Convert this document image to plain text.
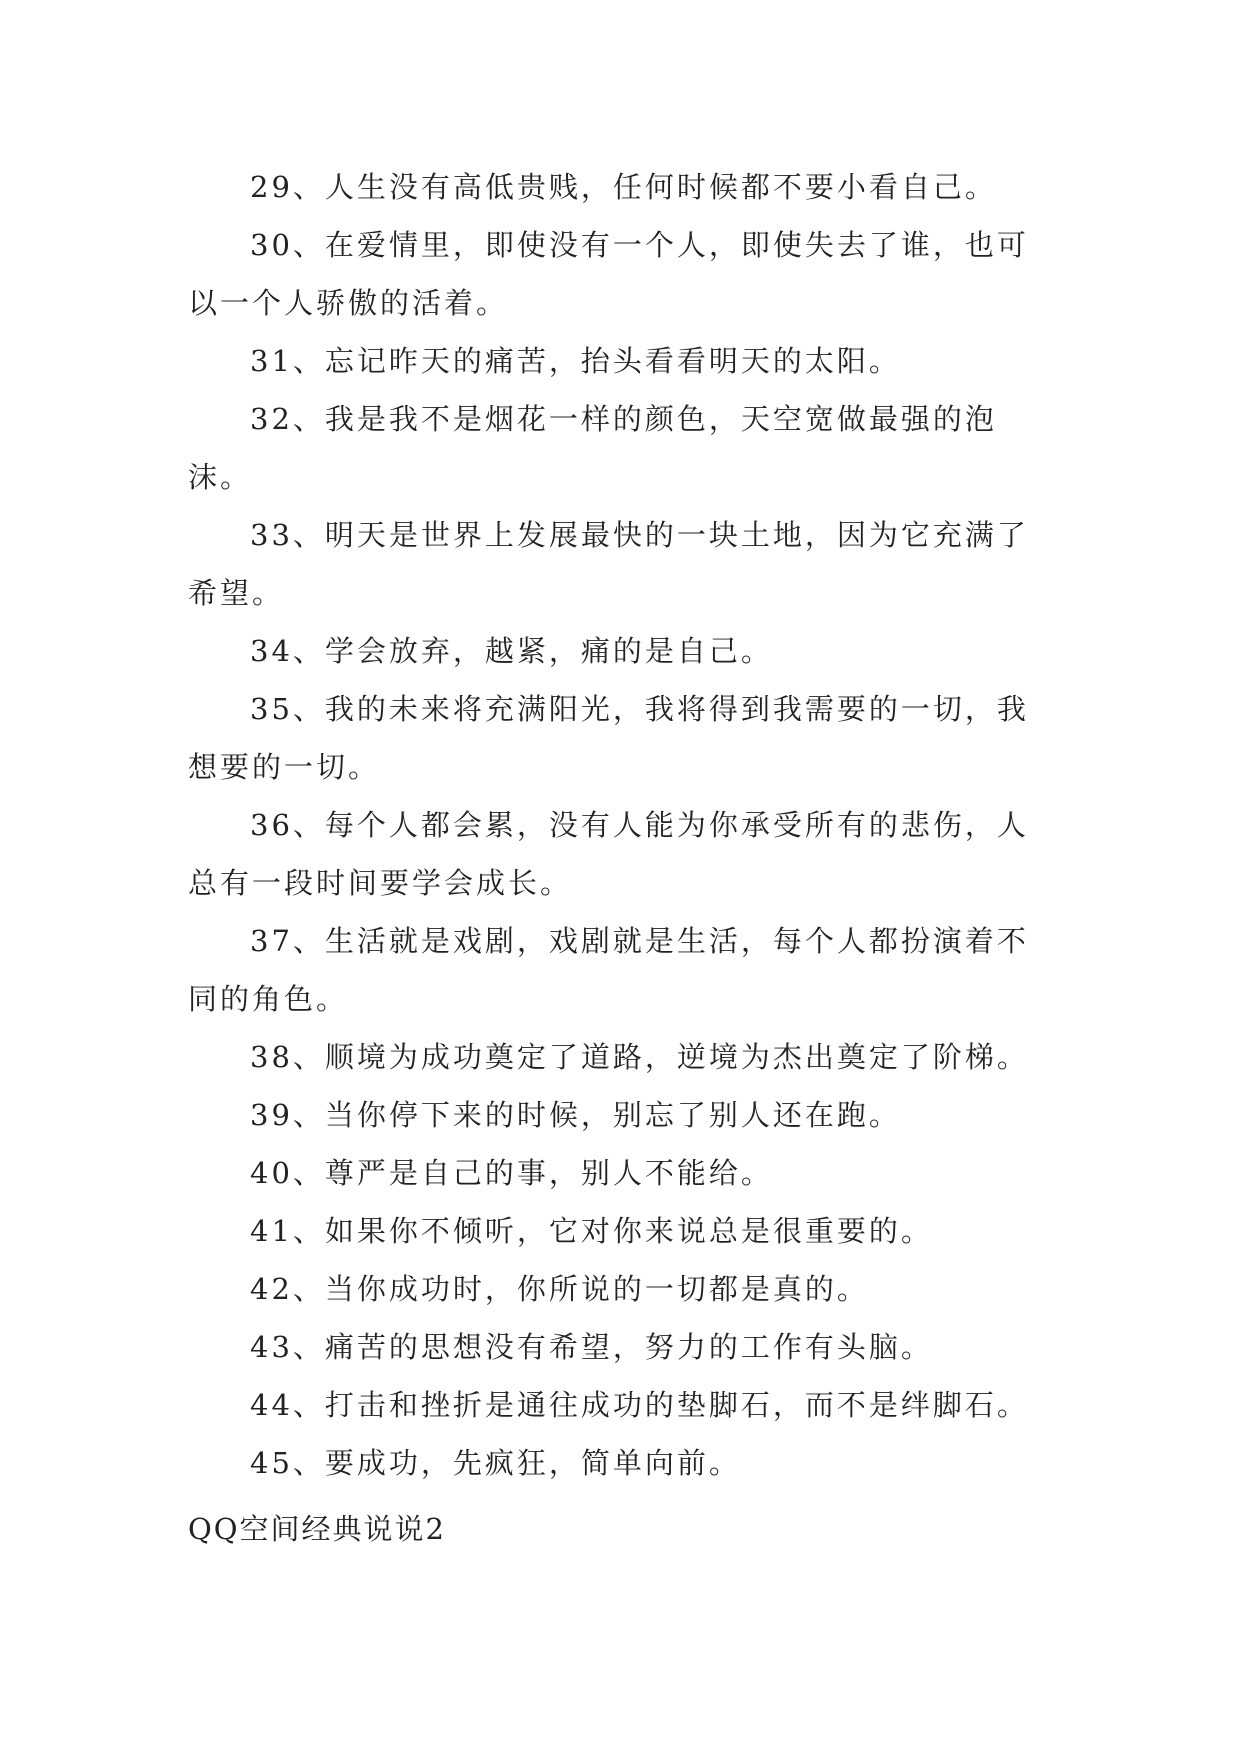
29、人生没有高低贵贱，任何时候都不要小看自己。

30、在爱情里，即使没有一个人，即使失去了谁，也可以一个人骄傲的活着。

31、忘记昨天的痛苦，抬头看看明天的太阳。

32、我是我不是烟花一样的颜色，天空宽做最强的泡沫。

33、明天是世界上发展最快的一块土地，因为它充满了希望。

34、学会放弃，越紧，痛的是自己。

35、我的未来将充满阳光，我将得到我需要的一切，我想要的一切。

36、每个人都会累，没有人能为你承受所有的悲伤，人总有一段时间要学会成长。

37、生活就是戏剧，戏剧就是生活，每个人都扮演着不同的角色。

38、顺境为成功奠定了道路，逆境为杰出奠定了阶梯。

39、当你停下来的时候，别忘了别人还在跑。

40、尊严是自己的事，别人不能给。

41、如果你不倾听，它对你来说总是很重要的。

42、当你成功时，你所说的一切都是真的。

43、痛苦的思想没有希望，努力的工作有头脑。

44、打击和挫折是通往成功的垫脚石，而不是绊脚石。

45、要成功，先疯狂，简单向前。

QQ空间经典说说2
